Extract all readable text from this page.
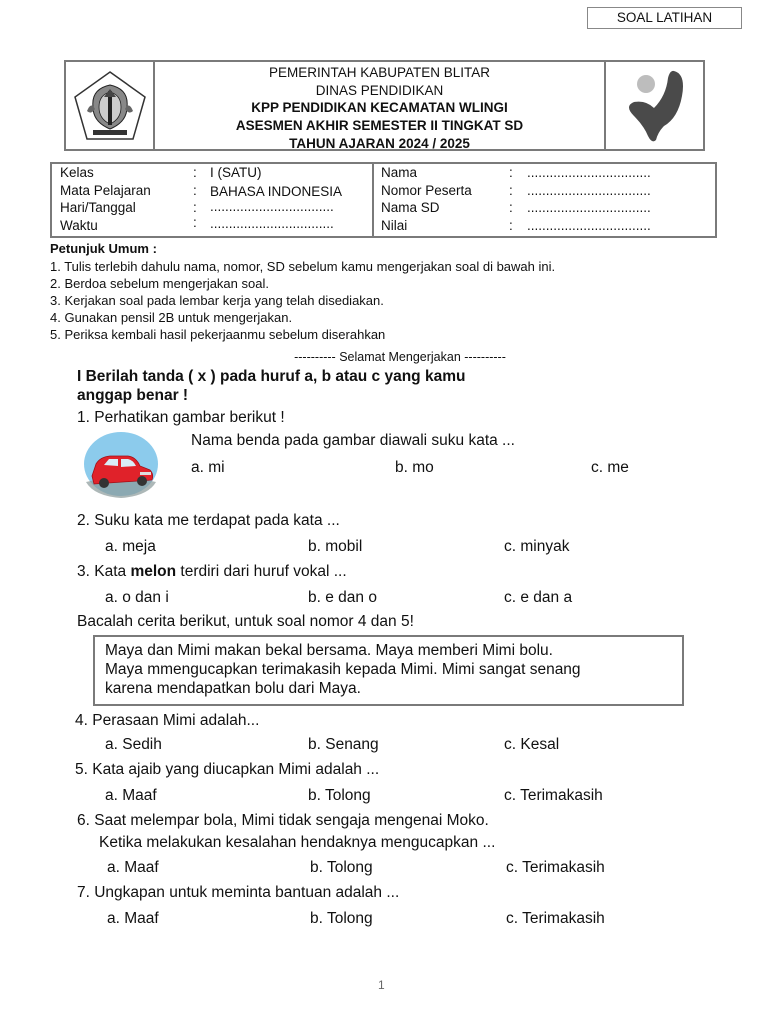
SOAL LATIHAN
PEMERINTAH KABUPATEN BLITAR
DINAS PENDIDIKAN
KPP PENDIDIKAN KECAMATAN WLINGI
ASESMEN AKHIR SEMESTER II TINGKAT SD
TAHUN AJARAN 2024 / 2025
Kelas	: I (SATU)
Mata Pelajaran	: BAHASA INDONESIA
Hari/Tanggal	: .................................
Waktu	: .................................
Nama	: .................................
Nomor Peserta	: .................................
Nama SD	: .................................
Nilai	: .................................
Petunjuk Umum :
1. Tulis terlebih dahulu nama, nomor, SD sebelum kamu mengerjakan soal di bawah ini.
2. Berdoa sebelum mengerjakan soal.
3. Kerjakan soal pada lembar kerja yang telah disediakan.
4. Gunakan pensil 2B untuk mengerjakan.
5. Periksa kembali hasil pekerjaanmu sebelum diserahkan
---------- Selamat Mengerjakan ----------
I Berilah tanda ( x ) pada huruf a, b atau c yang kamu
anggap benar !
1. Perhatikan gambar berikut !
Nama benda pada gambar diawali suku kata ...
a. mi	b. mo	c. me
2. Suku kata me terdapat pada kata ...
a. meja	b. mobil	c. minyak
3. Kata melon terdiri dari huruf vokal ...
a. o dan i	b. e dan o	c. e dan a
Bacalah cerita berikut, untuk soal nomor 4 dan 5!
Maya dan Mimi makan bekal bersama. Maya memberi Mimi bolu.
Maya mmengucapkan terimakasih kepada Mimi. Mimi sangat senang
karena mendapatkan bolu dari Maya.
4. Perasaan Mimi adalah...
a. Sedih	b. Senang	c. Kesal
5. Kata ajaib yang diucapkan Mimi adalah ...
a. Maaf	b. Tolong	c. Terimakasih
6. Saat melempar bola, Mimi tidak sengaja mengenai Moko.
Ketika melakukan kesalahan hendaknya mengucapkan ...
a. Maaf	b. Tolong	c. Terimakasih
7. Ungkapan untuk meminta bantuan adalah ...
a. Maaf	b. Tolong	c. Terimakasih
1
